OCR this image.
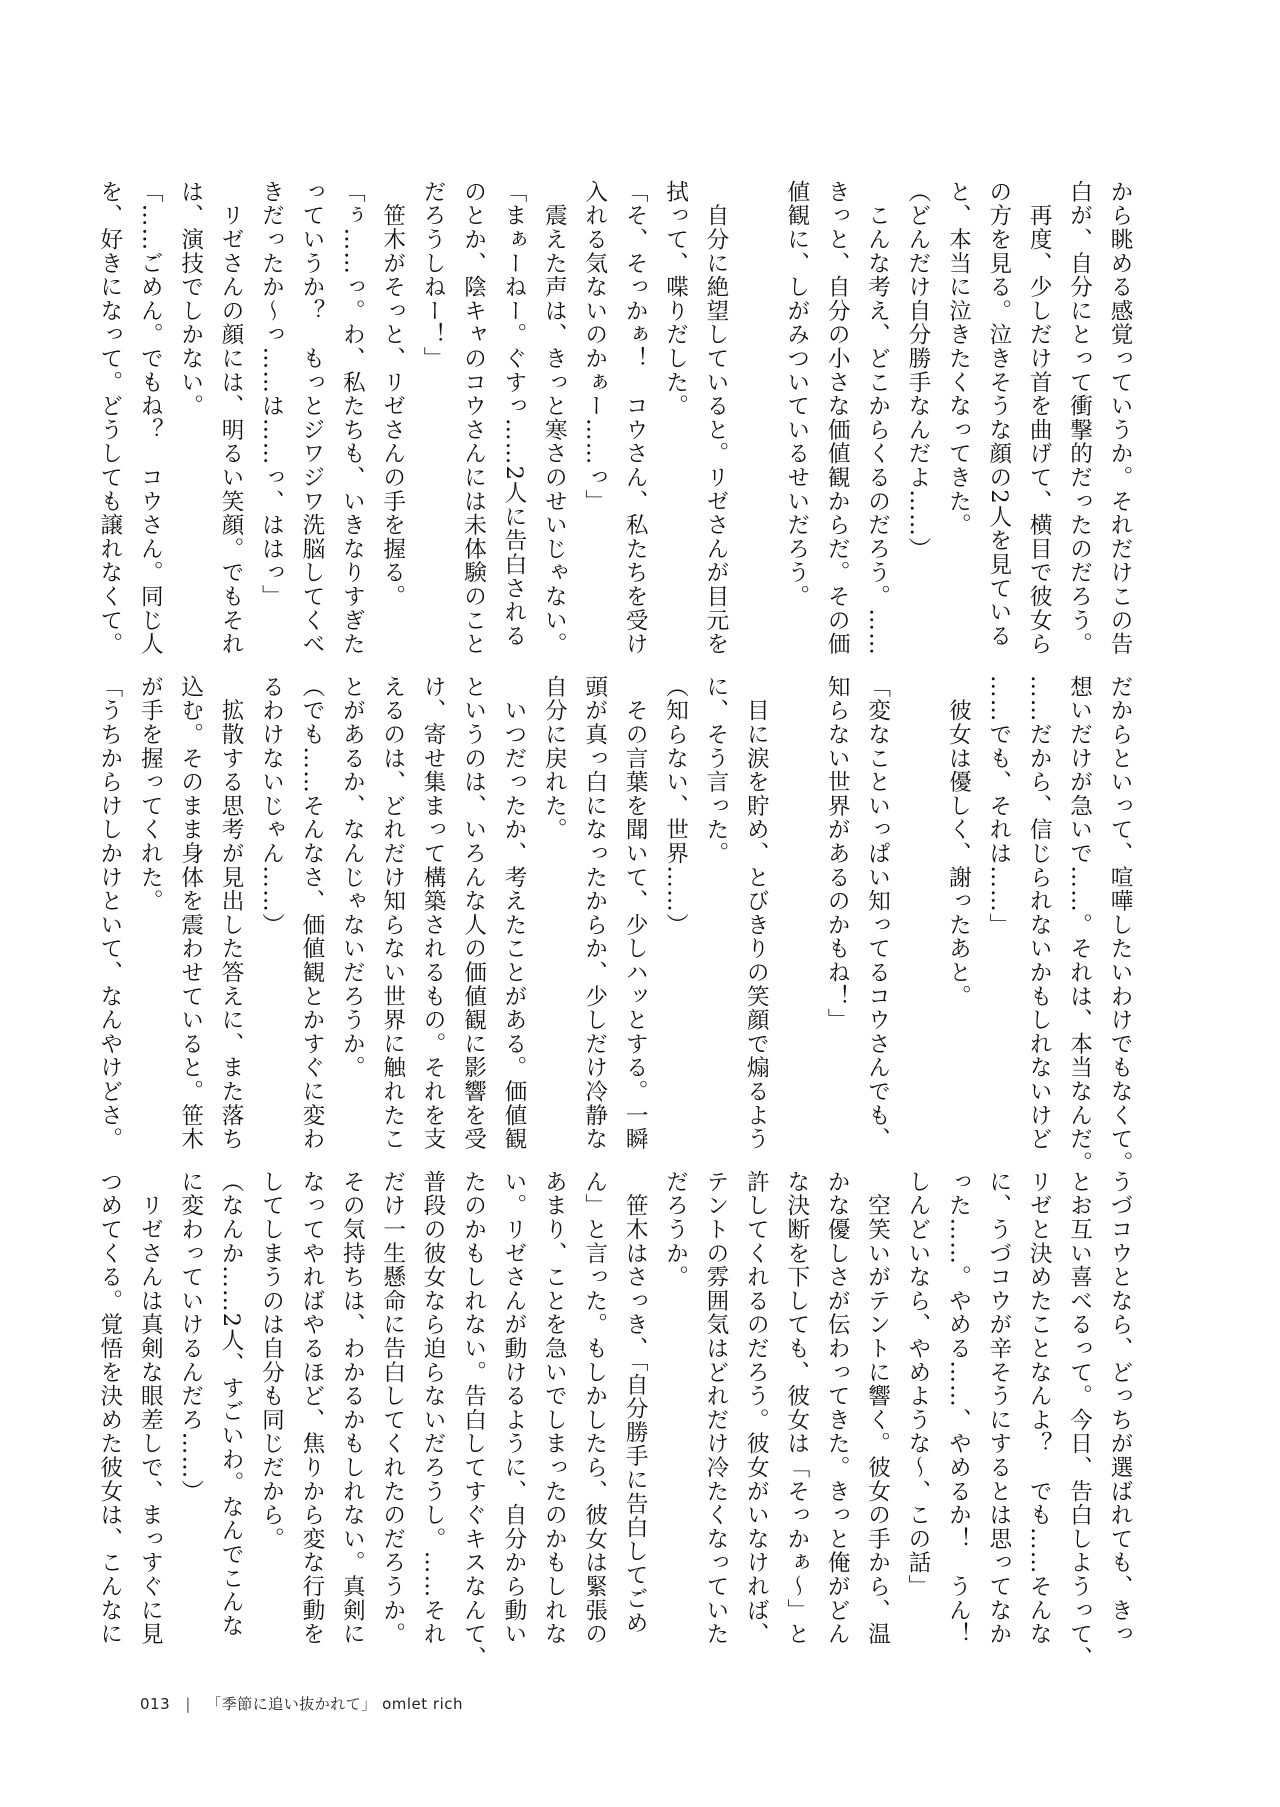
から眺める感覚っていうか。それだけこの告
白が、自分にとって衝撃的だったのだろう。
　再度、少しだけ首を曲げて、横目で彼女ら
の方を見る。泣きそうな顔の2人を見ている
と、本当に泣きたくなってきた。
（どんだけ自分勝手なんだよ……）
　こんな考え、どこからくるのだろう。……
きっと、自分の小さな価値観からだ。その価
値観に、しがみついているせいだろう。

　自分に絶望していると。リゼさんが目元を
拭って、喋りだした。
「そ、そっかぁ！　コウさん、私たちを受け
入れる気ないのかぁー……っ」
　震えた声は、きっと寒さのせいじゃない。
「まぁーねー。ぐすっ……2人に告白される
のとか、陰キャのコウさんには未体験のこと
だろうしねー！」
　笹木がそっと、リゼさんの手を握る。
「ぅ……っ。わ、私たちも、いきなりすぎた
っていうか？　もっとジワジワ洗脳してくべ
きだったか～っ……は……っ、ははっ」
　リゼさんの顔には、明るい笑顔。でもそれ
は、演技でしかない。
「……ごめん。でもね？　コウさん。同じ人
を、好きになって。どうしても譲れなくて。
だからといって、喧嘩したいわけでもなくて。
想いだけが急いで……。それは、本当なんだ。
……だから、信じられないかもしれないけど
……でも、それは……」
　彼女は優しく、謝ったあと。

「変なこといっぱい知ってるコウさんでも、
知らない世界があるのかもね！」

　目に涙を貯め、とびきりの笑顔で煽るよう
に、そう言った。
（知らない、世界……）
　その言葉を聞いて、少しハッとする。一瞬
頭が真っ白になったからか、少しだけ冷静な
自分に戻れた。
　いつだったか、考えたことがある。価値観
というのは、いろんな人の価値観に影響を受
け、寄せ集まって構築されるもの。それを支
えるのは、どれだけ知らない世界に触れたこ
とがあるか、なんじゃないだろうか。
（でも……そんなさ、価値観とかすぐに変わ
るわけないじゃん……）
　拡散する思考が見出した答えに、また落ち
込む。そのまま身体を震わせていると。笹木
が手を握ってくれた。
「うちからけしかけといて、なんやけどさ。
うづコウとなら、どっちが選ばれても、きっ
とお互い喜べるって。今日、告白しようって、
リゼと決めたことなんよ？　でも……そんな
に、うづコウが辛そうにするとは思ってなか
った……。やめる……、やめるか！　うん！
しんどいなら、やめような～、この話」
　空笑いがテントに響く。彼女の手から、温
かな優しさが伝わってきた。きっと俺がどん
な決断を下しても、彼女は「そっかぁ～」と
許してくれるのだろう。彼女がいなければ、
テントの雰囲気はどれだけ冷たくなっていた
だろうか。
　笹木はさっき、「自分勝手に告白してごめ
ん」と言った。もしかしたら、彼女は緊張の
あまり、ことを急いでしまったのかもしれな
い。リゼさんが動けるように、自分から動い
たのかもしれない。告白してすぐキスなんて、
普段の彼女なら迫らないだろうし。……それ
だけ一生懸命に告白してくれたのだろうか。
その気持ちは、わかるかもしれない。真剣に
なってやればやるほど、焦りから変な行動を
してしまうのは自分も同じだから。
（なんか……2人、すごいわ。なんでこんな
に変わっていけるんだろ……）
　リゼさんは真剣な眼差しで、まっすぐに見
つめてくる。覚悟を決めた彼女は、こんなに
013 | 「季節に追い抜かれて」 omlet rich
